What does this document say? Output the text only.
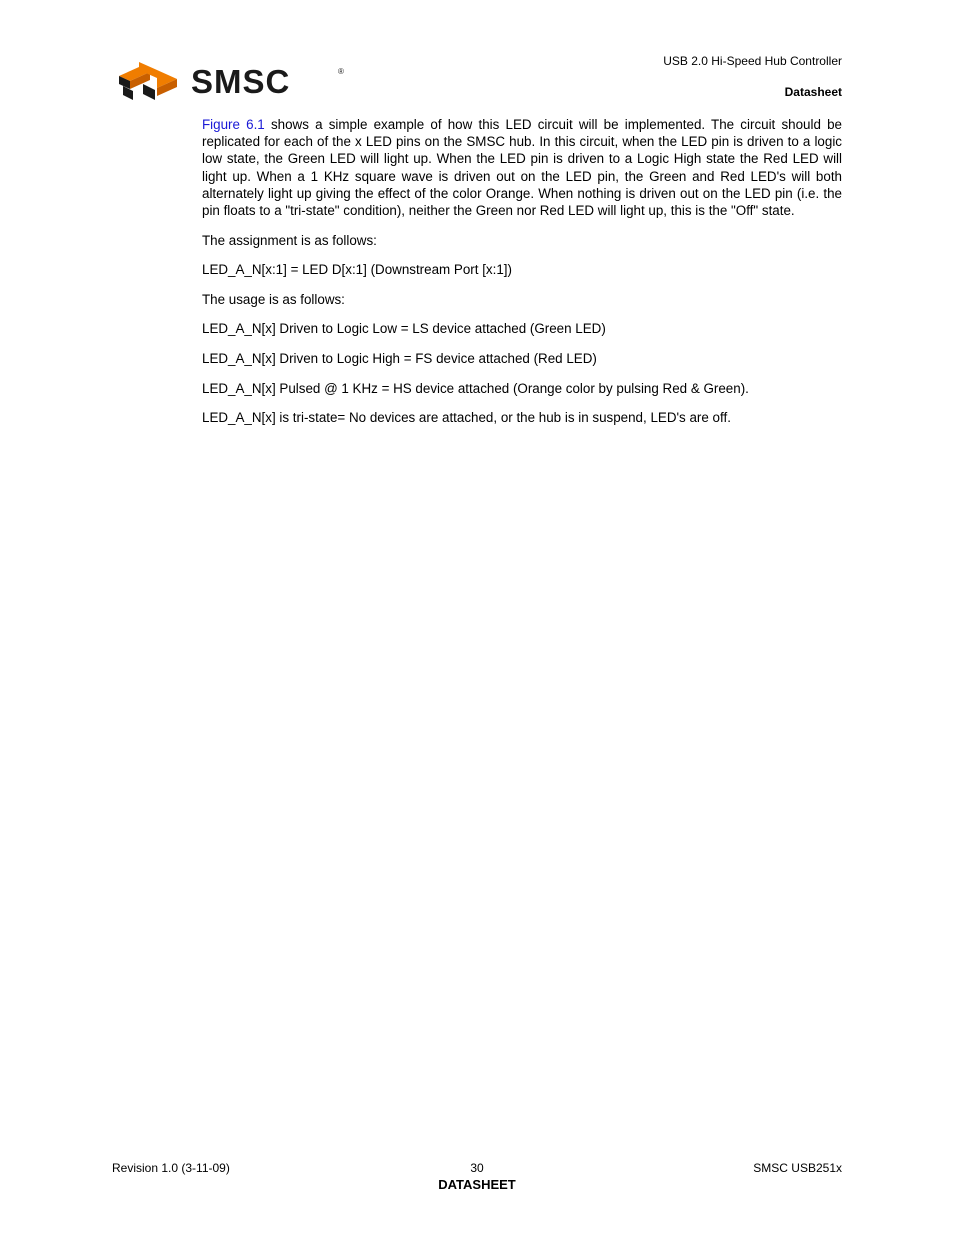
SMSC	®
USB 2.0 Hi-Speed Hub Controller
Datasheet

Figure 6.1 shows a simple example of how this LED circuit will be implemented. The circuit should be replicated for each of the x LED pins on the SMSC hub. In this circuit, when the LED pin is driven to a logic low state, the Green LED will light up. When the LED pin is driven to a Logic High state the Red LED will light up. When a 1 KHz square wave is driven out on the LED pin, the Green and Red LED's will both alternately light up giving the effect of the color Orange. When nothing is driven out on the LED pin (i.e. the pin floats to a "tri-state" condition), neither the Green nor Red LED will light up, this is the "Off" state.

The assignment is as follows:

LED_A_N[x:1] = LED D[x:1] (Downstream Port [x:1])

The usage is as follows:

LED_A_N[x] Driven to Logic Low = LS device attached (Green LED)

LED_A_N[x] Driven to Logic High = FS device attached (Red LED)

LED_A_N[x] Pulsed @ 1 KHz = HS device attached (Orange color by pulsing Red & Green).

LED_A_N[x] is tri-state= No devices are attached, or the hub is in suspend, LED's are off.

Revision 1.0 (3-11-09)	30
DATASHEET
SMSC USB251x
